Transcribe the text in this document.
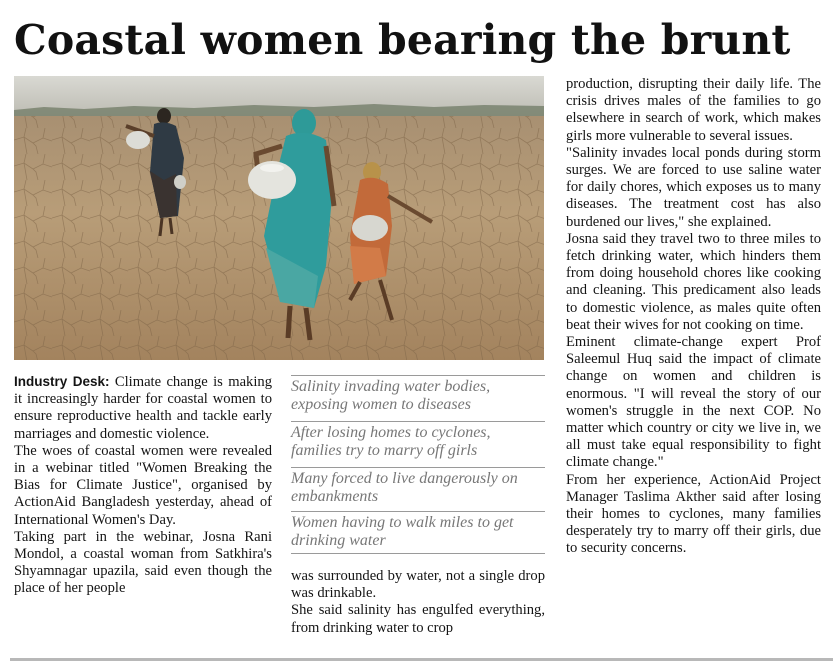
Coastal women bearing the brunt

Industry Desk: Climate change is making it increasingly harder for coastal women to ensure reproductive health and tackle early marriages and domestic violence.

The woes of coastal women were revealed in a webinar titled "Women Breaking the Bias for Climate Justice", organised by ActionAid Bangladesh yesterday, ahead of International Women's Day.

Taking part in the webinar, Josna Rani Mondol, a coastal woman from Satkhira's Shyamnagar upazila, said even though the place of her people

Salinity invading water bodies, exposing women to diseases

After losing homes to cyclones, families try to marry off girls

Many forced to live dangerously on embankments

Women having to walk miles to get drinking water

was surrounded by water, not a single drop was drinkable.

She said salinity has engulfed everything, from drinking water to crop

production, disrupting their daily life. The crisis drives males of the families to go elsewhere in search of work, which makes girls more vulnerable to several issues.

"Salinity invades local ponds during storm surges. We are forced to use saline water for daily chores, which exposes us to many diseases. The treatment cost has also burdened our lives," she explained.

Josna said they travel two to three miles to fetch drinking water, which hinders them from doing household chores like cooking and cleaning. This predicament also leads to domestic violence, as males quite often beat their wives for not cooking on time.

Eminent climate-change expert Prof Saleemul Huq said the impact of climate change on women and children is enormous. "I will reveal the story of our women's struggle in the next COP. No matter which country or city we live in, we all must take equal responsibility to fight climate change."

From her experience, ActionAid Project Manager Taslima Akther said after losing their homes to cyclones, many families desperately try to marry off their girls, due to security concerns.
